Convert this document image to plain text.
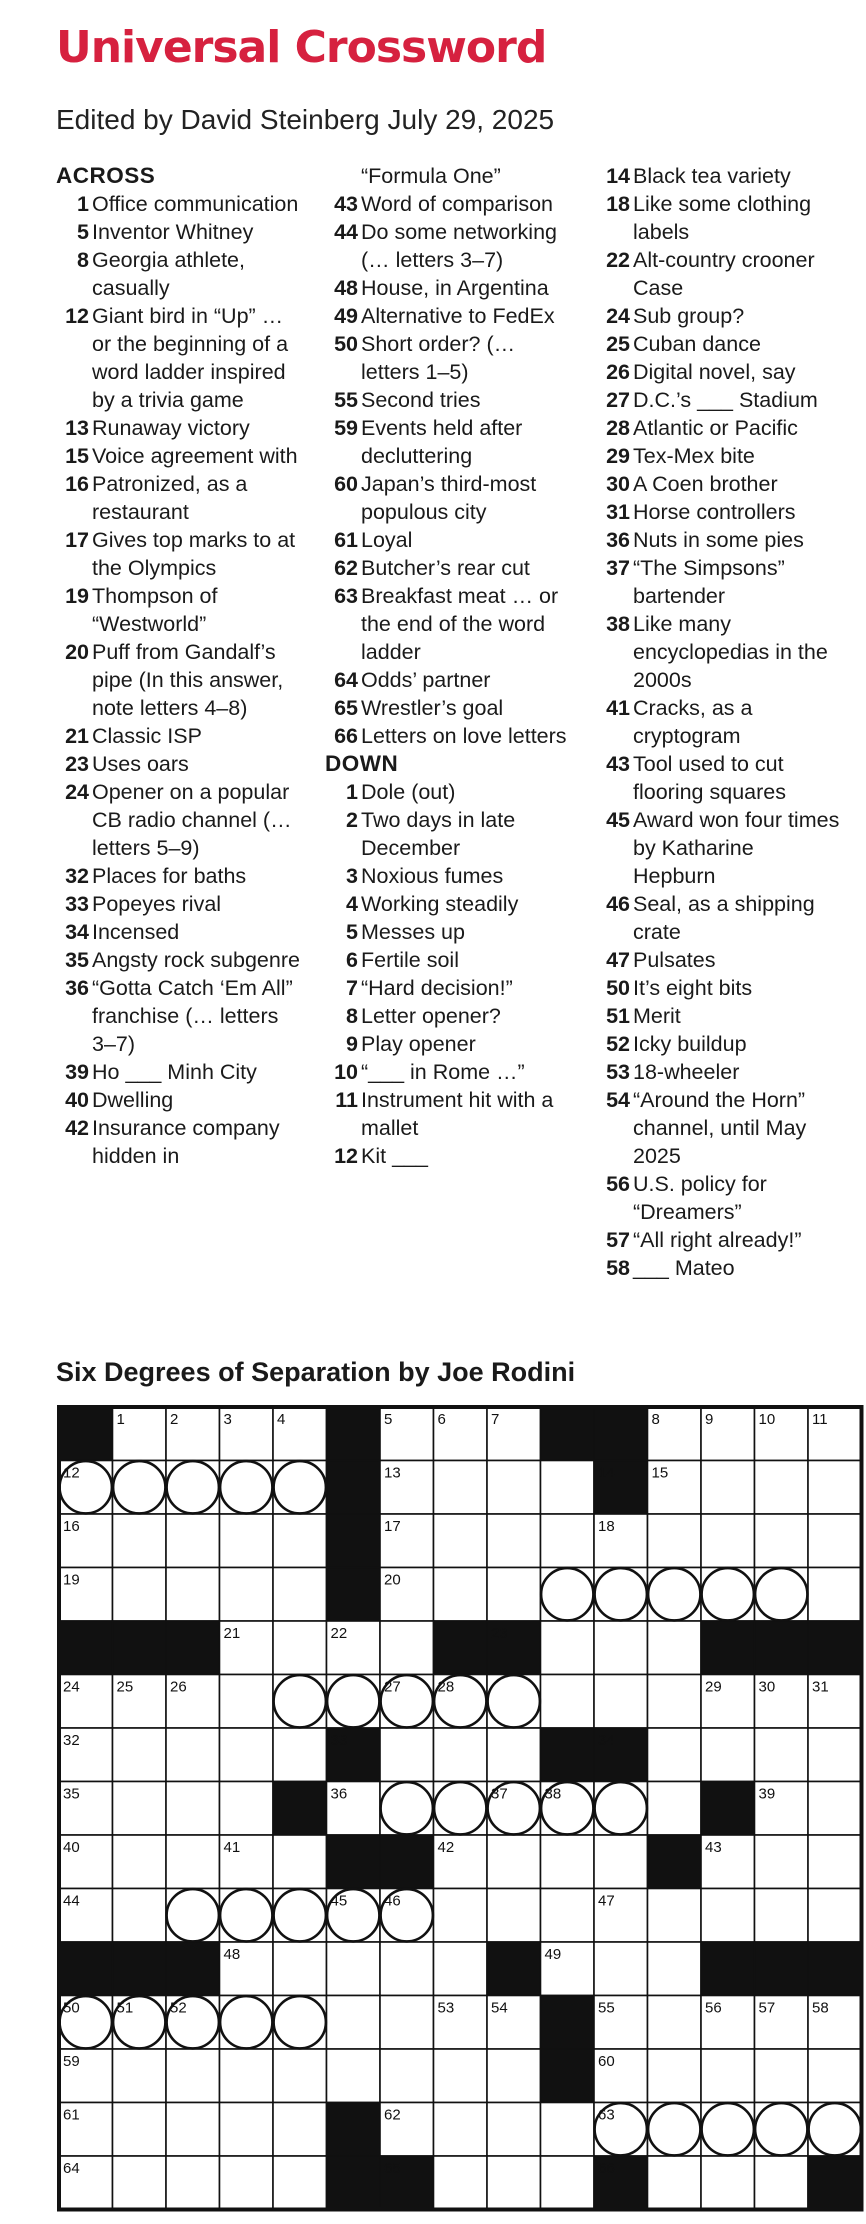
Universal Crossword
Edited by David Steinberg July 29, 2025
ACROSS
1 Office communication
5 Inventor Whitney
8 Georgia athlete, casually
12 Giant bird in “Up” … or the beginning of a word ladder inspired by a trivia game
13 Runaway victory
15 Voice agreement with
16 Patronized, as a restaurant
17 Gives top marks to at the Olympics
19 Thompson of “Westworld”
20 Puff from Gandalf’s pipe (In this answer, note letters 4–8)
21 Classic ISP
23 Uses oars
24 Opener on a popular CB radio channel (… letters 5–9)
32 Places for baths
33 Popeyes rival
34 Incensed
35 Angsty rock subgenre
36 “Gotta Catch ‘Em All” franchise (… letters 3–7)
39 Ho ___ Minh City
40 Dwelling
42 Insurance company hidden in
“Formula One”
43 Word of comparison
44 Do some networking (… letters 3–7)
48 House, in Argentina
49 Alternative to FedEx
50 Short order? (… letters 1–5)
55 Second tries
59 Events held after decluttering
60 Japan’s third-most populous city
61 Loyal
62 Butcher’s rear cut
63 Breakfast meat … or the end of the word ladder
64 Odds’ partner
65 Wrestler’s goal
66 Letters on love letters
DOWN
1 Dole (out)
2 Two days in late December
3 Noxious fumes
4 Working steadily
5 Messes up
6 Fertile soil
7 “Hard decision!”
8 Letter opener?
9 Play opener
10 “___ in Rome …”
11 Instrument hit with a mallet
12 Kit ___
14 Black tea variety
18 Like some clothing labels
22 Alt-country crooner Case
24 Sub group?
25 Cuban dance
26 Digital novel, say
27 D.C.’s ___ Stadium
28 Atlantic or Pacific
29 Tex-Mex bite
30 A Coen brother
31 Horse controllers
36 Nuts in some pies
37 “The Simpsons” bartender
38 Like many encyclopedias in the 2000s
41 Cracks, as a cryptogram
43 Tool used to cut flooring squares
45 Award won four times by Katharine Hepburn
46 Seal, as a shipping crate
47 Pulsates
50 It’s eight bits
51 Merit
52 Icky buildup
53 18-wheeler
54 “Around the Horn” channel, until May 2025
56 U.S. policy for “Dreamers”
57 “All right already!”
58 ___ Mateo
Six Degrees of Separation by Joe Rodini
1	2	3	4	5	6	7	8	9	10 11
12	13	14 15
16	17	18
19	20
21	22	23
24 25 26	27 28	29 30 31
32	33	34
35	36	37 38	39
40	41	42	43
44	45 46	47
48	49
50 51 52	53 54	55	56 57 58
59	60
61	62	63
64	65	66
